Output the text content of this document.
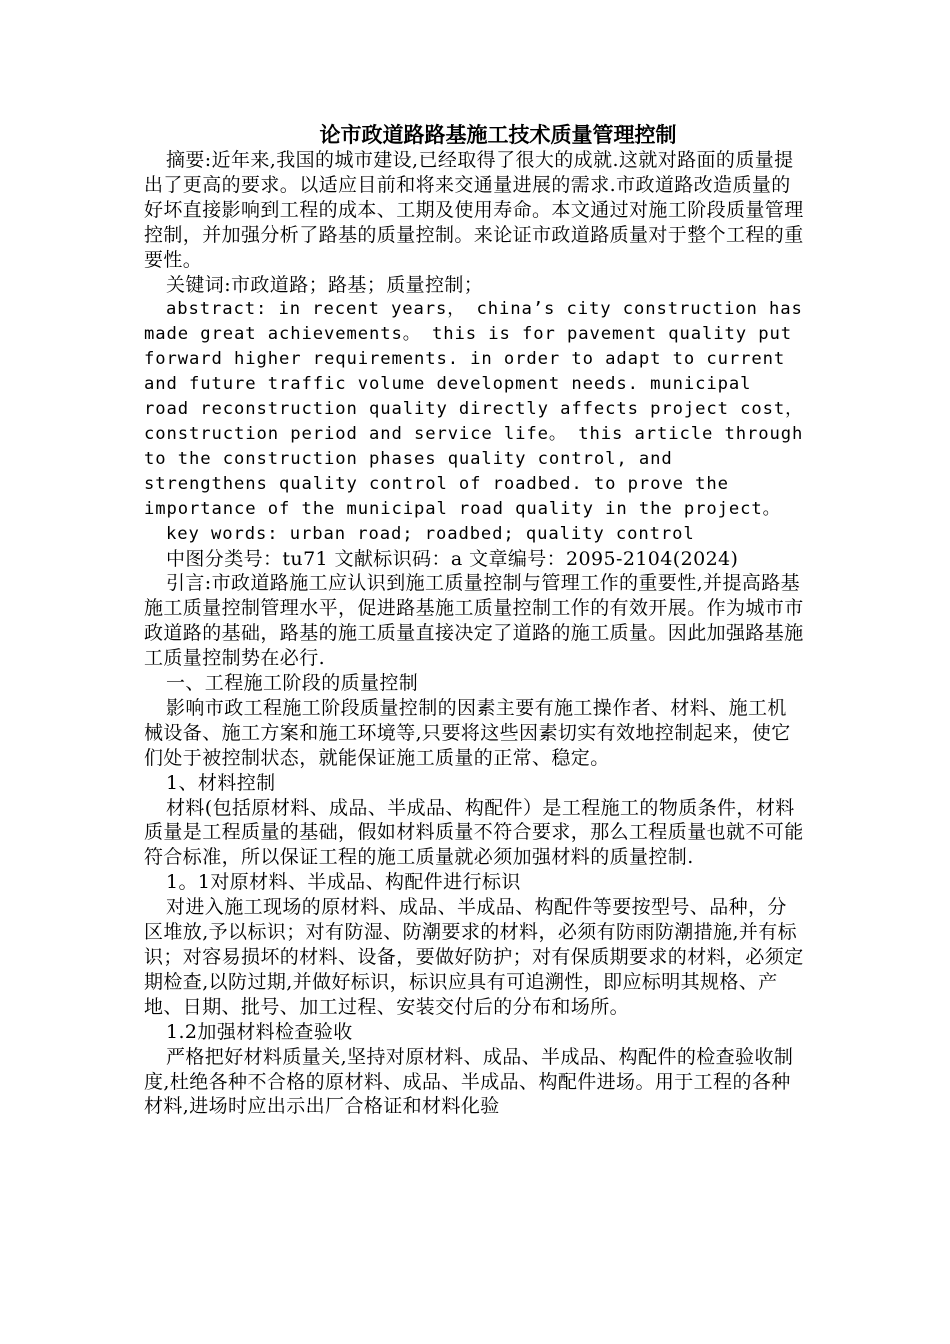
论市政道路路基施工技术质量管理控制

摘要:近年来,我国的城市建设,已经取得了很大的成就.这就对路面的质量提出了更高的要求。以适应目前和将来交通量进展的需求.市政道路改造质量的好坏直接影响到工程的成本、工期及使用寿命。本文通过对施工阶段质量管理控制，并加强分析了路基的质量控制。来论证市政道路质量对于整个工程的重要性。

关键词:市政道路；路基；质量控制；

abstract: in recent years， china’s city construction has made great achievements。 this is for pavement quality put forward higher requirements. in order to adapt to current and future traffic volume development needs. municipal road reconstruction quality directly affects project cost， construction period and service life。 this article through to the construction phases quality control, and strengthens quality control of roadbed. to prove the importance of the municipal road quality in the project。

key words: urban road; roadbed; quality control

中图分类号：tu71 文献标识码：a 文章编号：2095-2104(2024)

引言:市政道路施工应认识到施工质量控制与管理工作的重要性,并提高路基施工质量控制管理水平，促进路基施工质量控制工作的有效开展。作为城市市政道路的基础，路基的施工质量直接决定了道路的施工质量。因此加强路基施工质量控制势在必行.

一、工程施工阶段的质量控制

影响市政工程施工阶段质量控制的因素主要有施工操作者、材料、施工机械设备、施工方案和施工环境等,只要将这些因素切实有效地控制起来，使它们处于被控制状态，就能保证施工质量的正常、稳定。

1、材料控制

材料(包括原材料、成品、半成品、构配件）是工程施工的物质条件，材料质量是工程质量的基础，假如材料质量不符合要求，那么工程质量也就不可能符合标准，所以保证工程的施工质量就必须加强材料的质量控制.

1。1对原材料、半成品、构配件进行标识

对进入施工现场的原材料、成品、半成品、构配件等要按型号、品种，分区堆放,予以标识；对有防湿、防潮要求的材料，必须有防雨防潮措施,并有标识；对容易损坏的材料、设备，要做好防护；对有保质期要求的材料，必须定期检查,以防过期,并做好标识，标识应具有可追溯性，即应标明其规格、产地、日期、批号、加工过程、安装交付后的分布和场所。

1.2加强材料检查验收

严格把好材料质量关,坚持对原材料、成品、半成品、构配件的检查验收制度,杜绝各种不合格的原材料、成品、半成品、构配件进场。用于工程的各种材料,进场时应出示出厂合格证和材料化验
